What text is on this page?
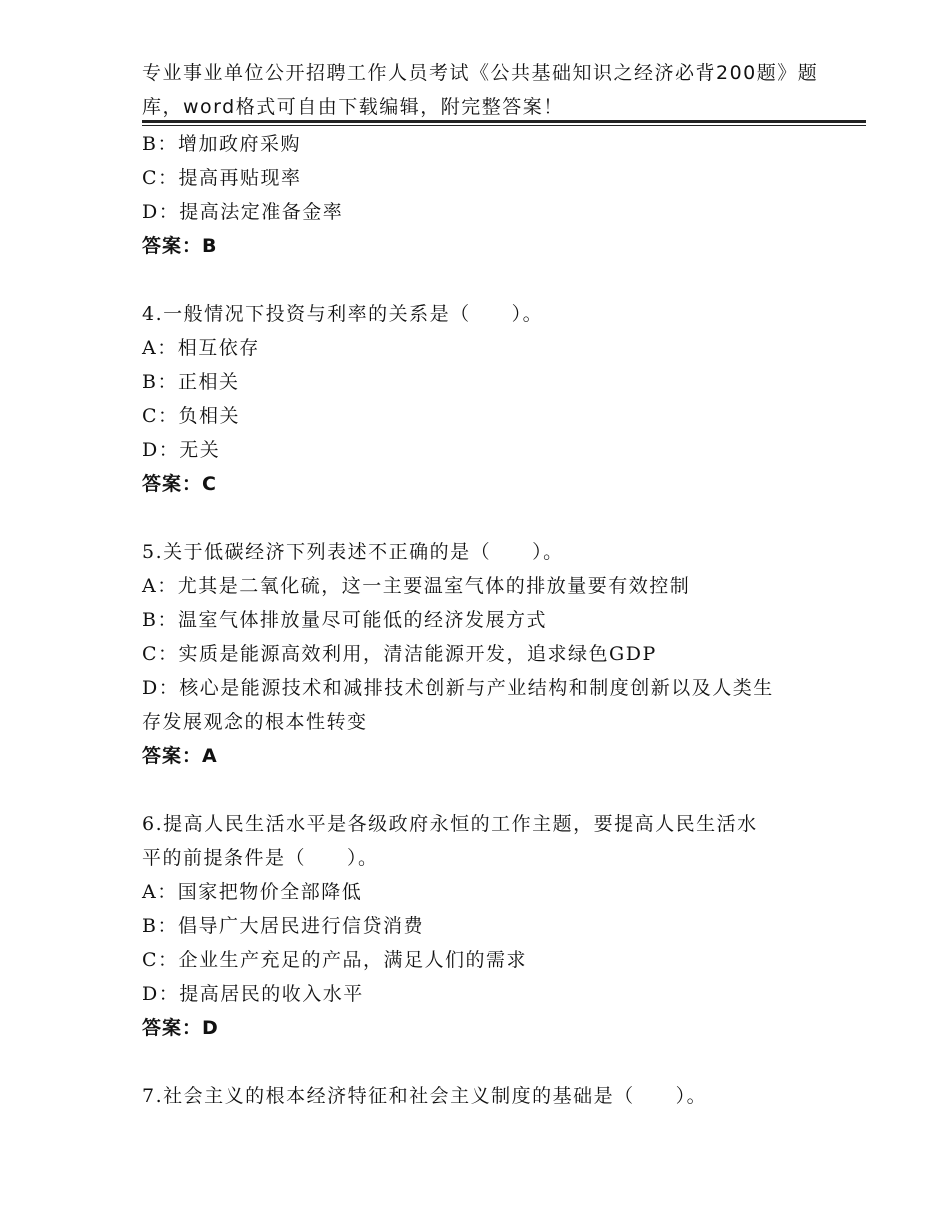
专业事业单位公开招聘工作人员考试《公共基础知识之经济必背200题》题
库，word格式可自由下载编辑，附完整答案！
B：增加政府采购
C：提高再贴现率
D：提高法定准备金率
答案：B
4.一般情况下投资与利率的关系是（　　）。
A：相互依存
B：正相关
C：负相关
D：无关
答案：C
5.关于低碳经济下列表述不正确的是（　　）。
A：尤其是二氧化硫，这一主要温室气体的排放量要有效控制
B：温室气体排放量尽可能低的经济发展方式
C：实质是能源高效利用，清洁能源开发，追求绿色GDP
D：核心是能源技术和减排技术创新与产业结构和制度创新以及人类生
存发展观念的根本性转变
答案：A
6.提高人民生活水平是各级政府永恒的工作主题，要提高人民生活水
平的前提条件是（　　）。
A：国家把物价全部降低
B：倡导广大居民进行信贷消费
C：企业生产充足的产品，满足人们的需求
D：提高居民的收入水平
答案：D
7.社会主义的根本经济特征和社会主义制度的基础是（　　）。
